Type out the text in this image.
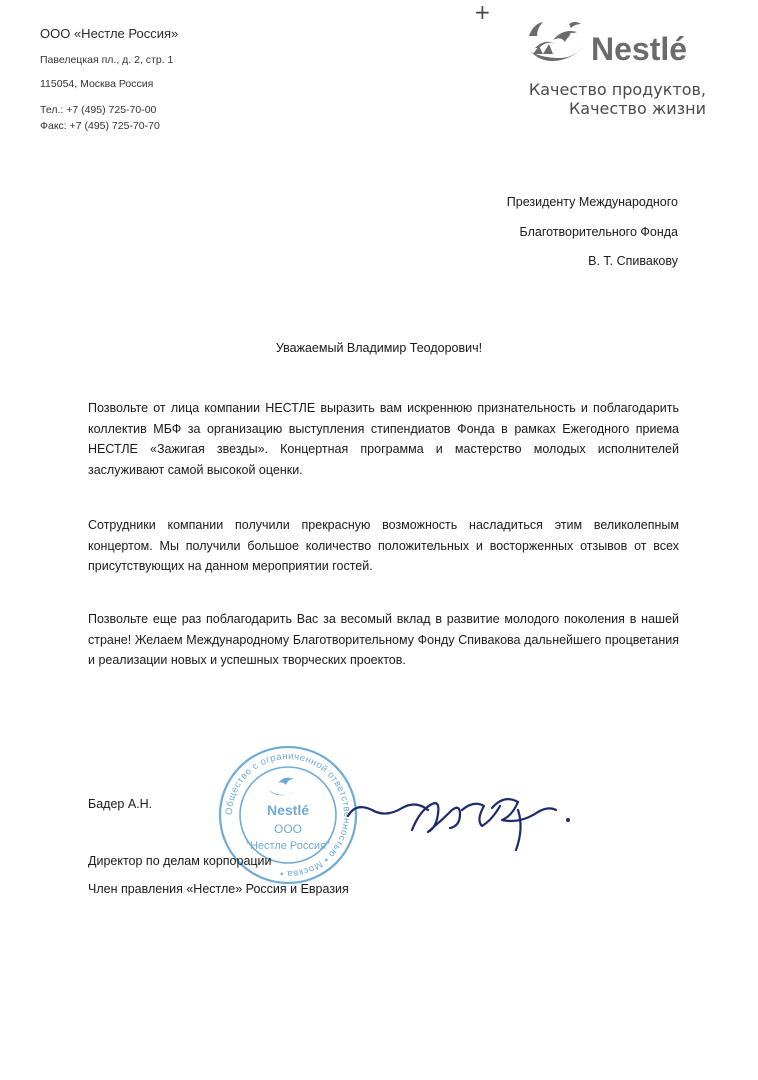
ООО «Нестле Россия»
Павелецкая пл., д. 2, стр. 1
115054, Москва Россия
Тел.: +7 (495) 725-70-00
Факс: +7 (495) 725-70-70
+
Nestlé
Качество продуктов,
Качество жизни
Президенту Международного
Благотворительного Фонда
В. Т. Спивакову
Уважаемый Владимир Теодорович!

Позвольте от лица компании НЕСТЛЕ выразить вам искреннюю признательность и поблагодарить коллектив МБФ за организацию выступления стипендиатов Фонда в рамках Ежегодного приема НЕСТЛЕ «Зажигая звезды». Концертная программа и мастерство молодых исполнителей заслуживают самой высокой оценки.

Сотрудники компании получили прекрасную возможность насладиться этим великолепным концертом. Мы получили большое количество положительных и восторженных отзывов от всех присутствующих на данном мероприятии гостей.

Позвольте еще раз поблагодарить Вас за весомый вклад в развитие молодого поколения в нашей стране! Желаем Международному Благотворительному Фонду Спивакова дальнейшего процветания и реализации новых и успешных творческих проектов.

Общество с ограниченной ответственностью • Москва •
Nestlé
ООО
"Нестле Россия"
Бадер А.Н.
Директор по делам корпорации
Член правления «Нестле» Россия и Евразия
